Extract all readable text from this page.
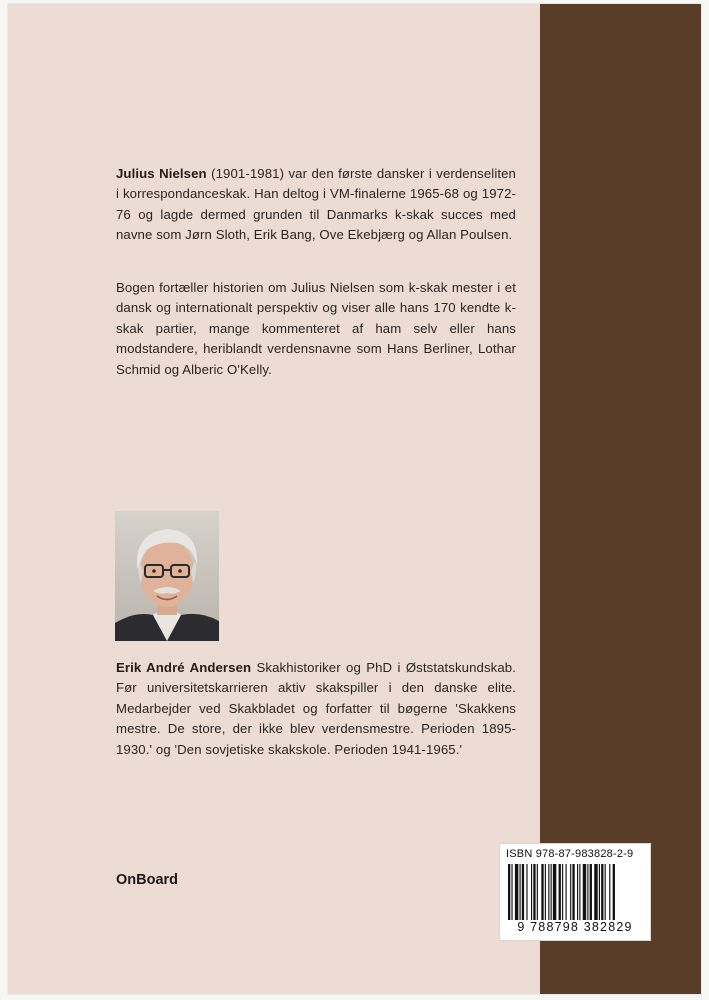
Julius Nielsen (1901-1981) var den første dansker i verdenseliten i korrespondanceskak. Han deltog i VM-finalerne 1965-68 og 1972-76 og lagde dermed grunden til Danmarks k-skak succes med navne som Jørn Sloth, Erik Bang, Ove Ekebjærg og Allan Poulsen.

Bogen fortæller historien om Julius Nielsen som k-skak mester i et dansk og internationalt perspektiv og viser alle hans 170 kendte k-skak partier, mange kommenteret af ham selv eller hans modstandere, heriblandt verdensnavne som Hans Berliner, Lothar Schmid og Alberic O'Kelly.

Erik André Andersen Skakhistoriker og PhD i Øststatskundskab. Før universitetskarrieren aktiv skakspiller i den danske elite. Medarbejder ved Skakbladet og forfatter til bøgerne 'Skakkens mestre. De store, der ikke blev verdensmestre. Perioden 1895-1930.' og 'Den sovjetiske skakskole. Perioden 1941-1965.'

OnBoard
ISBN 978-87-983828-2-9
9 788798 382829
